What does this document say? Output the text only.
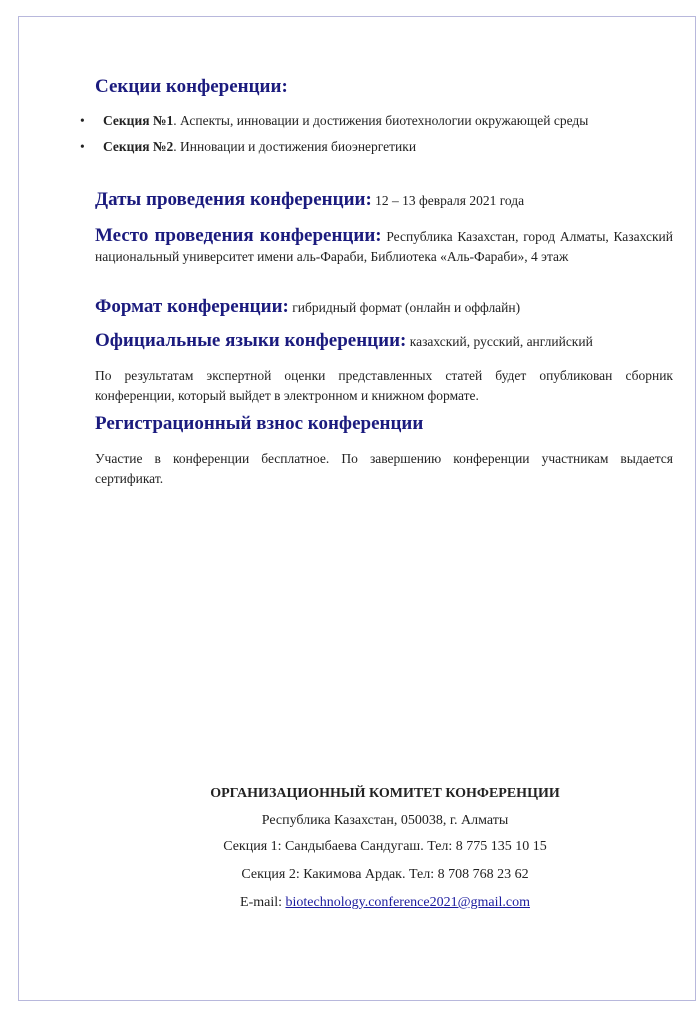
Секции конференции:
• Секция №1. Аспекты, инновации и достижения биотехнологии окружающей среды
• Секция №2. Инновации и достижения биоэнергетики
Даты проведения конференции: 12 – 13 февраля 2021 года
Место проведения конференции: Республика Казахстан, город Алматы, Казахский национальный университет имени аль-Фараби, Библиотека «Аль-Фараби», 4 этаж
Формат конференции: гибридный формат (онлайн и оффлайн)
Официальные языки конференции: казахский, русский, английский
По результатам экспертной оценки представленных статей будет опубликован сборник конференции, который выйдет в электронном и книжном формате.
Регистрационный взнос конференции
Участие в конференции бесплатное. По завершению конференции участникам выдается сертификат.
ОРГАНИЗАЦИОННЫЙ КОМИТЕТ КОНФЕРЕНЦИИ
Республика Казахстан, 050038, г. Алматы
Секция 1: Сандыбаева Сандугаш. Тел: 8 775 135 10 15
Секция 2: Какимова Ардак. Тел: 8 708 768 23 62
E-mail: biotechnology.conference2021@gmail.com
